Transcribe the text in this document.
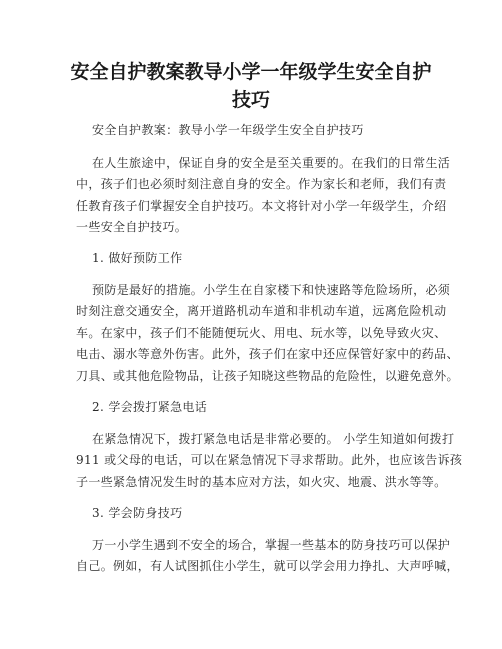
安全自护教案教导小学一年级学生安全自护
技巧
安全自护教案：教导小学一年级学生安全自护技巧
在人生旅途中，保证自身的安全是至关重要的。在我们的日常生活
中，孩子们也必须时刻注意自身的安全。作为家长和老师，我们有责
任教育孩子们掌握安全自护技巧。本文将针对小学一年级学生，介绍
一些安全自护技巧。
1. 做好预防工作
预防是最好的措施。小学生在自家楼下和快速路等危险场所，必须
时刻注意交通安全，离开道路机动车道和非机动车道，远离危险机动
车。在家中，孩子们不能随便玩火、用电、玩水等，以免导致火灾、
电击、溺水等意外伤害。此外，孩子们在家中还应保管好家中的药品、
刀具、或其他危险物品，让孩子知晓这些物品的危险性，以避免意外。
2. 学会拨打紧急电话
在紧急情况下，拨打紧急电话是非常必要的。 小学生知道如何拨打
911 或父母的电话，可以在紧急情况下寻求帮助。此外，也应该告诉孩
子一些紧急情况发生时的基本应对方法，如火灾、地震、洪水等等。
3. 学会防身技巧
万一小学生遇到不安全的场合，掌握一些基本的防身技巧可以保护
自己。例如，有人试图抓住小学生，就可以学会用力挣扎、大声呼喊，
